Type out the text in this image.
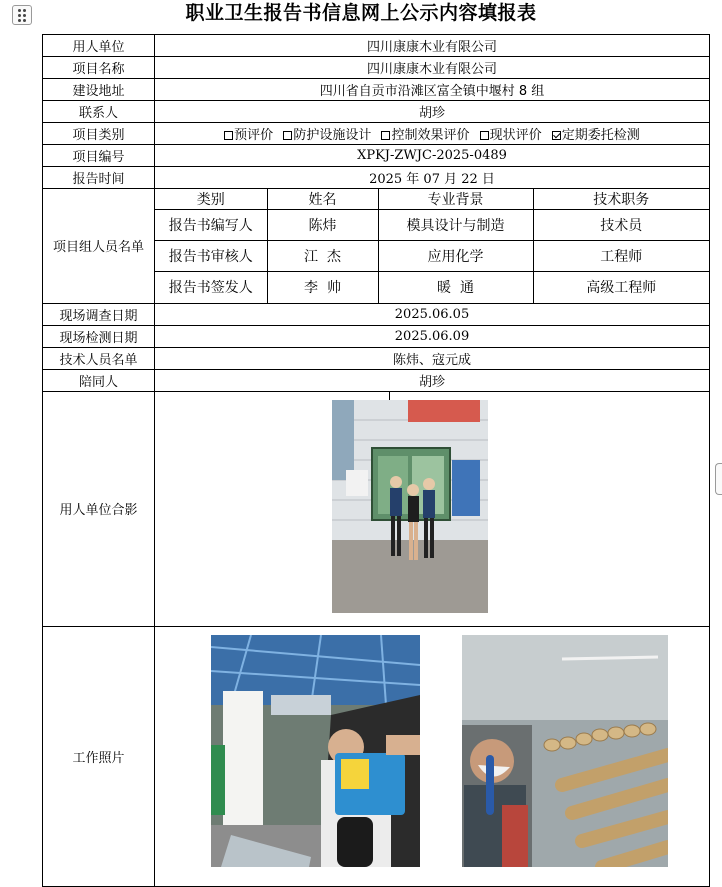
职业卫生报告书信息网上公示内容填报表
用人单位	四川康康木业有限公司
项目名称	四川康康木业有限公司
建设地址	四川省自贡市沿滩区富全镇中堰村 8 组
联系人	胡珍
项目类别	预评价 防护设施设计 控制效果评价 现状评价 定期委托检测
项目编号	XPKJ-ZWJC-2025-0489
报告时间	2025 年 07 月 22 日
项目组人员名单	
类别	姓名	专业背景	技术职务
报告书编写人	陈炜	模具设计与制造	技术员
报告书审核人	江  杰	应用化学	工程师
报告书签发人	李  帅	暖  通	高级工程师

现场调查日期	2025.06.05
现场检测日期	2025.06.09
技术人员名单	陈炜、寇元成
陪同人	胡珍
用人单位合影	
工作照片	
